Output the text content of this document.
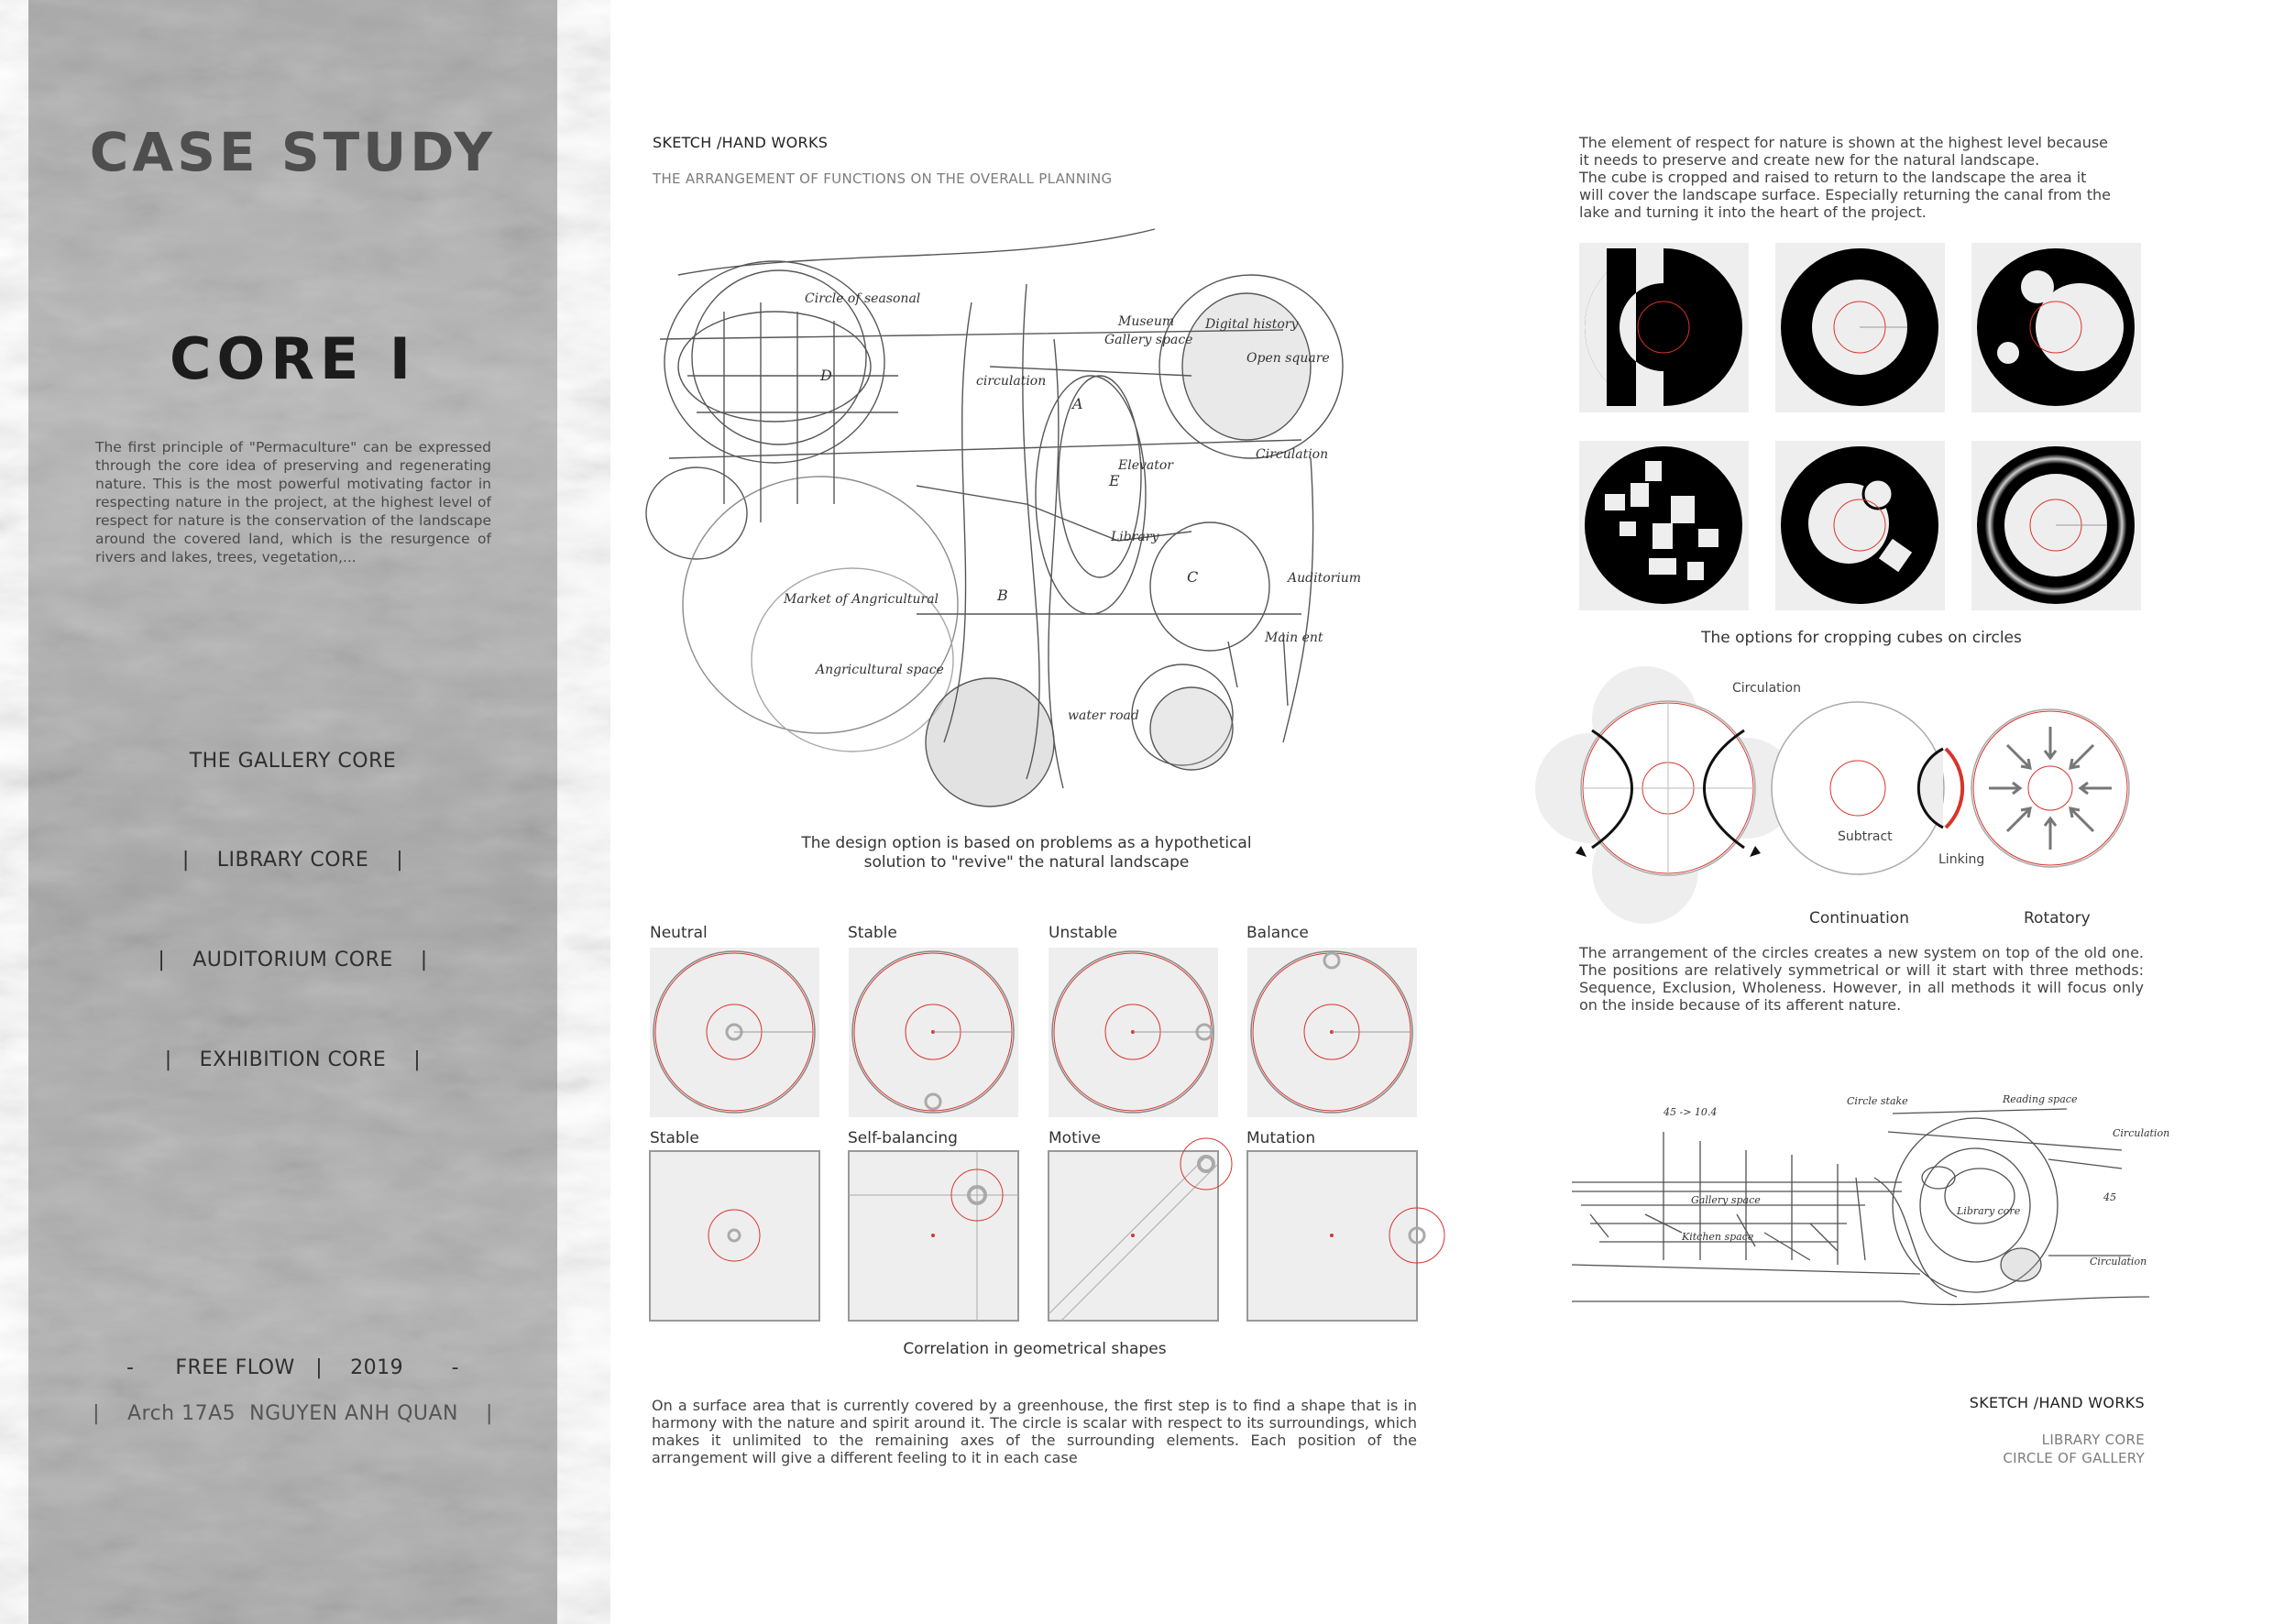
CASE STUDY
CORE I
The first principle of "Permaculture" can be expressed through the core idea of preserving and regenerating nature. This is the most powerful motivating factor in respecting nature in the project, at the highest level of respect for nature is the conservation of the landscape around the covered land, which is the resurgence of rivers and lakes, trees, vegetation,...
THE GALLERY CORE
|    LIBRARY CORE    |
|    AUDITORIUM CORE    |
|    EXHIBITION CORE    |
-      FREE FLOW   |    2019       -
|    Arch 17A5  NGUYEN ANH QUAN    |
SKETCH /HAND WORKS
THE ARRANGEMENT OF FUNCTIONS ON THE OVERALL PLANNING
Circle of seasonal
Museum
Gallery space
Digital history
Open square
circulation
Elevator
Library
Market of Angricultural
Angricultural space
water road
Main ent
Auditorium
Circulation
D
A
E
B
C
The design option is based on problems as a hypothetical
solution to "revive" the natural landscape
Neutral	Stable	Unstable	Balance
Stable	Self-balancing	Motive	Mutation
Correlation in geometrical shapes
On a surface area that is currently covered by a greenhouse, the first step is to find a shape that is in harmony with the nature and spirit around it. The circle is scalar with respect to its surroundings, which makes it unlimited to the remaining axes of the surrounding elements. Each position of the arrangement will give a different feeling to it in each case
The element of respect for nature is shown at the highest level because
it needs to preserve and create new for the natural landscape.
The cube is cropped and raised to return to the landscape the area it
will cover the landscape surface. Especially returning the canal from the
lake and turning it into the heart of the project.
The options for cropping cubes on circles
Circulation
Subtract
Linking
Continuation	Rotatory
The arrangement of the circles creates a new system on top of the old one. The positions are relatively symmetrical or will it start with three methods: Sequence, Exclusion, Wholeness. However, in all methods it will focus only on the inside because of its afferent nature.
45 -> 10.4
Circle stake	Reading space
Circulation
Kitchen space
Gallery space
Library core
Circulation
45
SKETCH /HAND WORKS
LIBRARY CORE
CIRCLE OF GALLERY
